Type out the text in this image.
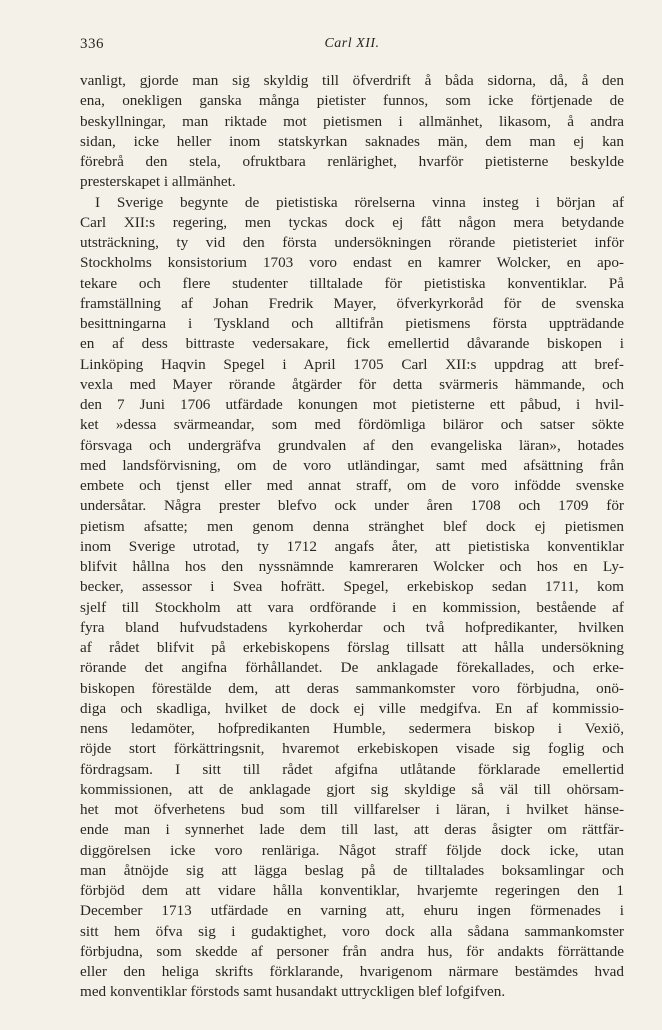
336	Carl XII.
vanligt, gjorde man sig skyldig till öfverdrift å båda sidorna, då, å den
ena, onekligen ganska många pietister funnos, som icke förtjenade de
beskyllningar, man riktade mot pietismen i allmänhet, likasom, å andra
sidan, icke heller inom statskyrkan saknades män, dem man ej kan
förebrå den stela, ofruktbara renlärighet, hvarför pietisterne beskylde
presterskapet i allmänhet.
I Sverige begynte de pietistiska rörelserna vinna insteg i början af
Carl XII:s regering, men tyckas dock ej fått någon mera betydande
utsträckning, ty vid den första undersökningen rörande pietisteriet inför
Stockholms konsistorium 1703 voro endast en kamrer Wolcker, en apo-
tekare och flere studenter tilltalade för pietistiska konventiklar. På
framställning af Johan Fredrik Mayer, öfverkyrkoråd för de svenska
besittningarna i Tyskland och alltifrån pietismens första uppträdande
en af dess bittraste vedersakare, fick emellertid dåvarande biskopen i
Linköping Haqvin Spegel i April 1705 Carl XII:s uppdrag att bref-
vexla med Mayer rörande åtgärder för detta svärmeris hämmande, och
den 7 Juni 1706 utfärdade konungen mot pietisterne ett påbud, i hvil-
ket »dessa svärmeandar, som med fördömliga biläror och satser sökte
försvaga och undergräfva grundvalen af den evangeliska läran», hotades
med landsförvisning, om de voro utländingar, samt med afsättning från
embete och tjenst eller med annat straff, om de voro infödde svenske
undersåtar. Några prester blefvo ock under åren 1708 och 1709 för
pietism afsatte; men genom denna stränghet blef dock ej pietismen
inom Sverige utrotad, ty 1712 angafs åter, att pietistiska konventiklar
blifvit hållna hos den nyssnämnde kamreraren Wolcker och hos en Ly-
becker, assessor i Svea hofrätt. Spegel, erkebiskop sedan 1711, kom
sjelf till Stockholm att vara ordförande i en kommission, bestående af
fyra bland hufvudstadens kyrkoherdar och två hofpredikanter, hvilken
af rådet blifvit på erkebiskopens förslag tillsatt att hålla undersökning
rörande det angifna förhållandet. De anklagade förekallades, och erke-
biskopen förestälde dem, att deras sammankomster voro förbjudna, onö-
diga och skadliga, hvilket de dock ej ville medgifva. En af kommissio-
nens ledamöter, hofpredikanten Humble, sedermera biskop i Vexiö,
röjde stort förkättringsnit, hvaremot erkebiskopen visade sig foglig och
fördragsam. I sitt till rådet afgifna utlåtande förklarade emellertid
kommissionen, att de anklagade gjort sig skyldige så väl till ohörsam-
het mot öfverhetens bud som till villfarelser i läran, i hvilket hänse-
ende man i synnerhet lade dem till last, att deras åsigter om rättfär-
diggörelsen icke voro renläriga. Något straff följde dock icke, utan
man åtnöjde sig att lägga beslag på de tilltalades boksamlingar och
förbjöd dem att vidare hålla konventiklar, hvarjemte regeringen den 1
December 1713 utfärdade en varning att, ehuru ingen förmenades i
sitt hem öfva sig i gudaktighet, voro dock alla sådana sammankomster
förbjudna, som skedde af personer från andra hus, för andakts förrättande
eller den heliga skrifts förklarande, hvarigenom närmare bestämdes hvad
med konventiklar förstods samt husandakt uttryckligen blef lofgifven.
